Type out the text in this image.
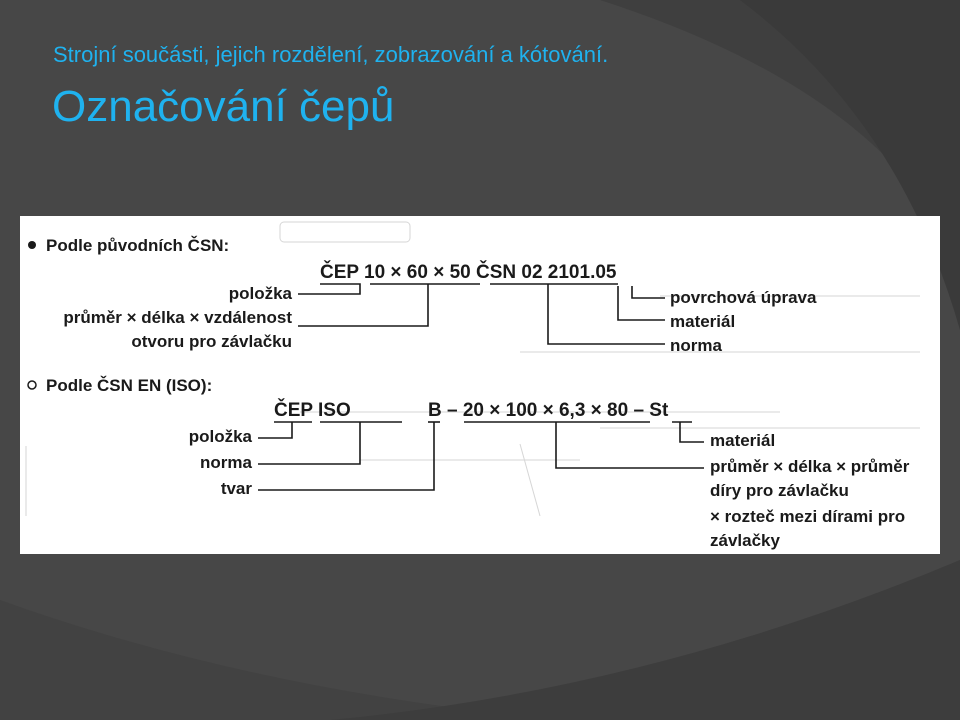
Strojní součásti, jejich rozdělení, zobrazování a kótování.
Označování čepů
Podle původních ČSN:
ČEP 10 × 60 × 50 ČSN 02 2101.05
položka
průměr × délka × vzdálenost
otvoru pro závlačku
povrchová úprava
materiál
norma
Podle ČSN EN (ISO):
ČEP ISO	B – 20 × 100 × 6,3 × 80 – St
položka
norma
tvar
materiál
průměr × délka × průměr
díry pro závlačku
× rozteč mezi dírami pro
závlačky
